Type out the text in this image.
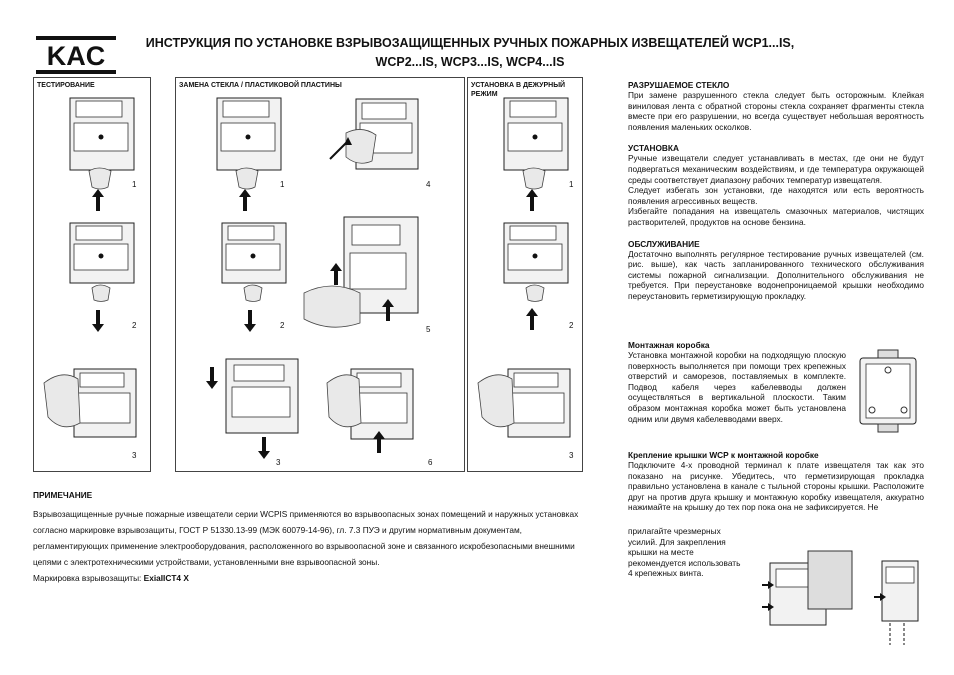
KAC	ИНСТРУКЦИЯ ПО УСТАНОВКЕ ВЗРЫВОЗАЩИЩЕННЫХ РУЧНЫХ ПОЖАРНЫХ ИЗВЕЩАТЕЛЕЙ WCP1...IS,
WCP2...IS, WCP3...IS, WCP4...IS
ТЕСТИРОВАНИЕ
1
2
3
ЗАМЕНА СТЕКЛА / ПЛАСТИКОВОЙ ПЛАСТИНЫ
1
2
3
4
5
6
УСТАНОВКА В ДЕЖУРНЫЙ РЕЖИМ
1
2
3
ПРИМЕЧАНИЕ
Взрывозащищенные ручные пожарные извещатели серии WCPIS применяются во взрывоопасных зонах помещений и наружных установках согласно маркировке взрывозащиты, ГОСТ Р 51330.13-99 (МЭК 60079-14-96), гл. 7.3 ПУЭ и другим нормативным документам, регламентирующих применение электрооборудования, расположенного во взрывоопасной зоне и связанного искробезопасными внешними цепями с электротехническими устройствами, установленными вне взрывоопасной зоны.
Маркировка взрывозащиты: ExiaIICT4 X
РАЗРУШАЕМОЕ СТЕКЛО
При замене разрушенного стекла следует быть осторожным. Клейкая виниловая лента с обратной стороны стекла сохраняет фрагменты стекла вместе при его разрушении, но всегда существует небольшая вероятность появления маленьких осколков.
УСТАНОВКА
Ручные извещатели следует устанавливать в местах, где они не будут подвергаться механическим воздействиям, и где температура окружающей среды соответствует диапазону рабочих температур извещателя.
Следует избегать зон установки, где находятся или есть вероятность появления агрессивных веществ.
Избегайте попадания на извещатель смазочных материалов, чистящих растворителей, продуктов на основе бензина.
ОБСЛУЖИВАНИЕ
Достаточно выполнять регулярное тестирование ручных извещателей (см. рис. выше), как часть запланированного технического обслуживания системы пожарной сигнализации. Дополнительного обслуживания не требуется. При переустановке водонепроницаемой крышки необходимо переустановить герметизирующую прокладку.
Монтажная коробка
Установка монтажной коробки на подходящую плоскую поверхность выполняется при помощи трех крепежных отверстий и саморезов, поставляемых в комплекте. Подвод кабеля через кабелевводы должен осуществляться в вертикальной плоскости. Таким образом монтажная коробка может быть установлена одним или двумя кабелевводами вверх.
Крепление крышки WCP к монтажной коробке
Подключите 4-х проводной терминал к плате извещателя так как это показано на рисунке. Убедитесь, что герметизирующая прокладка правильно установлена в канале с тыльной стороны крышки. Расположите друг на против друга крышку и монтажную коробку извещателя, аккуратно нажимайте на крышку до тех пор пока она не зафиксируется. Не
прилагайте чрезмерных усилий. Для закрепления крышки на месте рекомендуется использовать 4 крепежных винта.
